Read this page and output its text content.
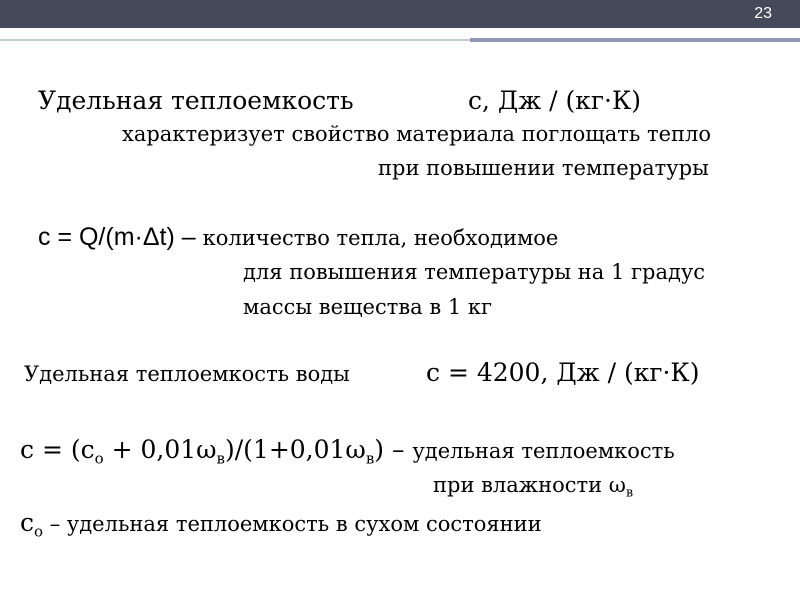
23
Удельная теплоемкость	c, Дж / (кг·К)
характеризует свойство материала поглощать тепло
при повышении температуры
c = Q/(m·Δt) – количество тепла, необходимое
для повышения температуры на 1 градус
массы вещества в 1 кг
Удельная теплоемкость воды	с = 4200, Дж / (кг·К)
$с = (с_о + 0,01\omega_в)/(1+0,01\omega_в)$ – удельная теплоемкость
при влажности $\omega_в$
$с_о$ – удельная теплоемкость в сухом состоянии
